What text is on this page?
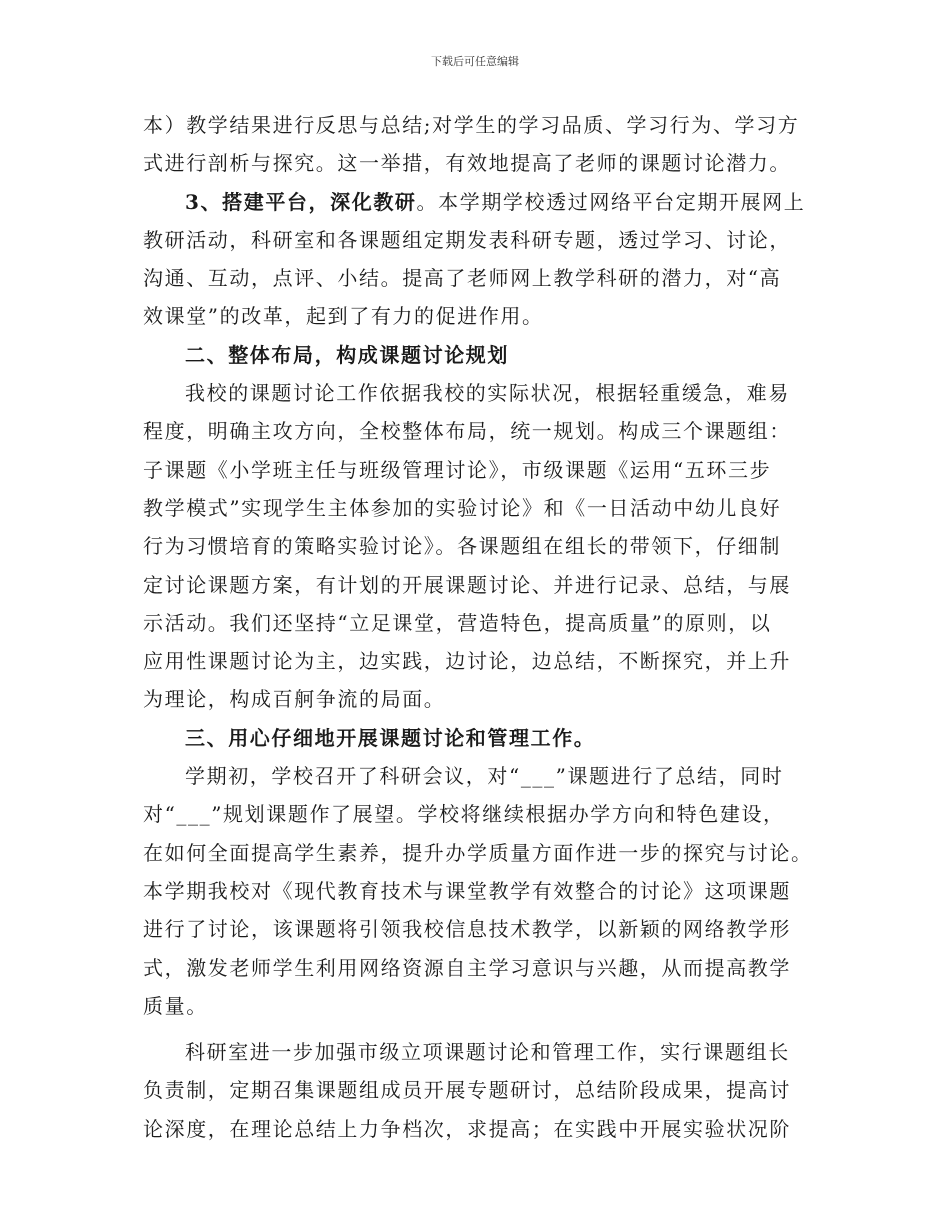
下载后可任意编辑
本）教学结果进行反思与总结;对学生的学习品质、学习行为、学习方
式进行剖析与探究。这一举措，有效地提高了老师的课题讨论潜力。
3、搭建平台，深化教研。本学期学校透过网络平台定期开展网上
教研活动，科研室和各课题组定期发表科研专题，透过学习、讨论，
沟通、互动，点评、小结。提高了老师网上教学科研的潜力，对“高
效课堂”的改革，起到了有力的促进作用。
二、整体布局，构成课题讨论规划
我校的课题讨论工作依据我校的实际状况，根据轻重缓急，难易
程度，明确主攻方向，全校整体布局，统一规划。构成三个课题组：
子课题《小学班主任与班级管理讨论》，市级课题《运用“五环三步
教学模式”实现学生主体参加的实验讨论》和《一日活动中幼儿良好
行为习惯培育的策略实验讨论》。各课题组在组长的带领下，仔细制
定讨论课题方案，有计划的开展课题讨论、并进行记录、总结，与展
示活动。我们还坚持“立足课堂，营造特色，提高质量”的原则，以
应用性课题讨论为主，边实践，边讨论，边总结，不断探究，并上升
为理论，构成百舸争流的局面。
三、用心仔细地开展课题讨论和管理工作。
学期初，学校召开了科研会议，对“___”课题进行了总结，同时
对“___”规划课题作了展望。学校将继续根据办学方向和特色建设，
在如何全面提高学生素养，提升办学质量方面作进一步的探究与讨论。
本学期我校对《现代教育技术与课堂教学有效整合的讨论》这项课题
进行了讨论，该课题将引领我校信息技术教学，以新颖的网络教学形
式，激发老师学生利用网络资源自主学习意识与兴趣，从而提高教学
质量。
科研室进一步加强市级立项课题讨论和管理工作，实行课题组长
负责制，定期召集课题组成员开展专题研讨，总结阶段成果，提高讨
论深度，在理论总结上力争档次，求提高；在实践中开展实验状况阶
